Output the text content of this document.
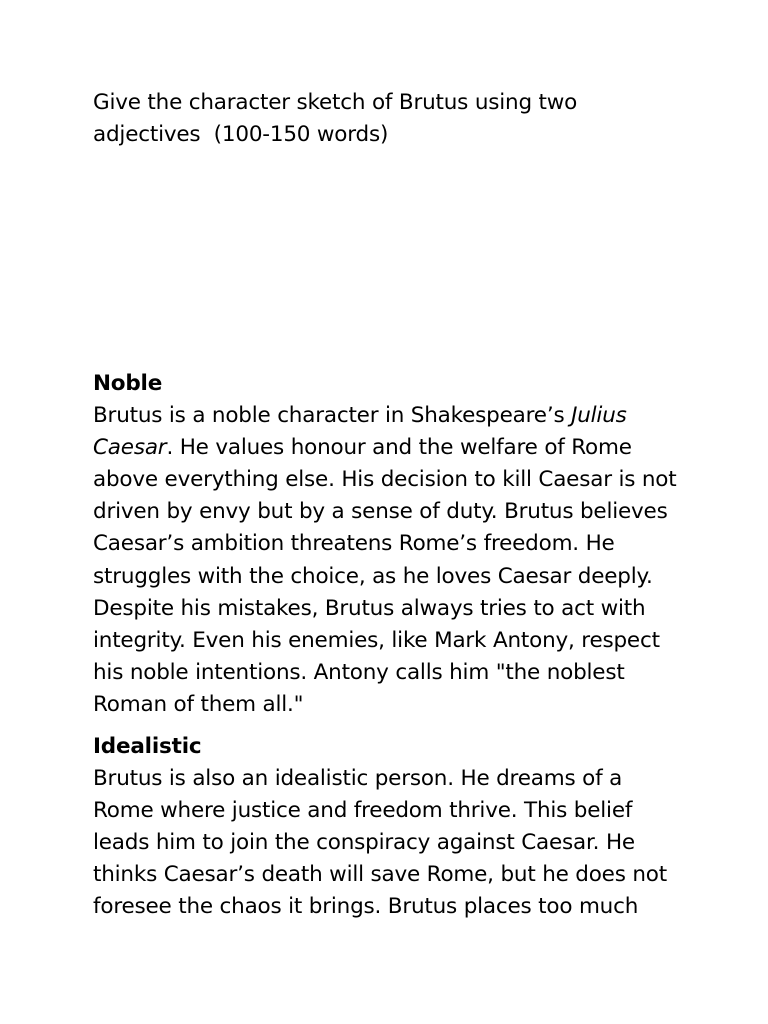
Give the character sketch of Brutus using two
adjectives  (100-150 words)
Noble
Brutus is a noble character in Shakespeare’s Julius
Caesar. He values honour and the welfare of Rome
above everything else. His decision to kill Caesar is not
driven by envy but by a sense of duty. Brutus believes
Caesar’s ambition threatens Rome’s freedom. He
struggles with the choice, as he loves Caesar deeply.
Despite his mistakes, Brutus always tries to act with
integrity. Even his enemies, like Mark Antony, respect
his noble intentions. Antony calls him "the noblest
Roman of them all."
Idealistic
Brutus is also an idealistic person. He dreams of a
Rome where justice and freedom thrive. This belief
leads him to join the conspiracy against Caesar. He
thinks Caesar’s death will save Rome, but he does not
foresee the chaos it brings. Brutus places too much
